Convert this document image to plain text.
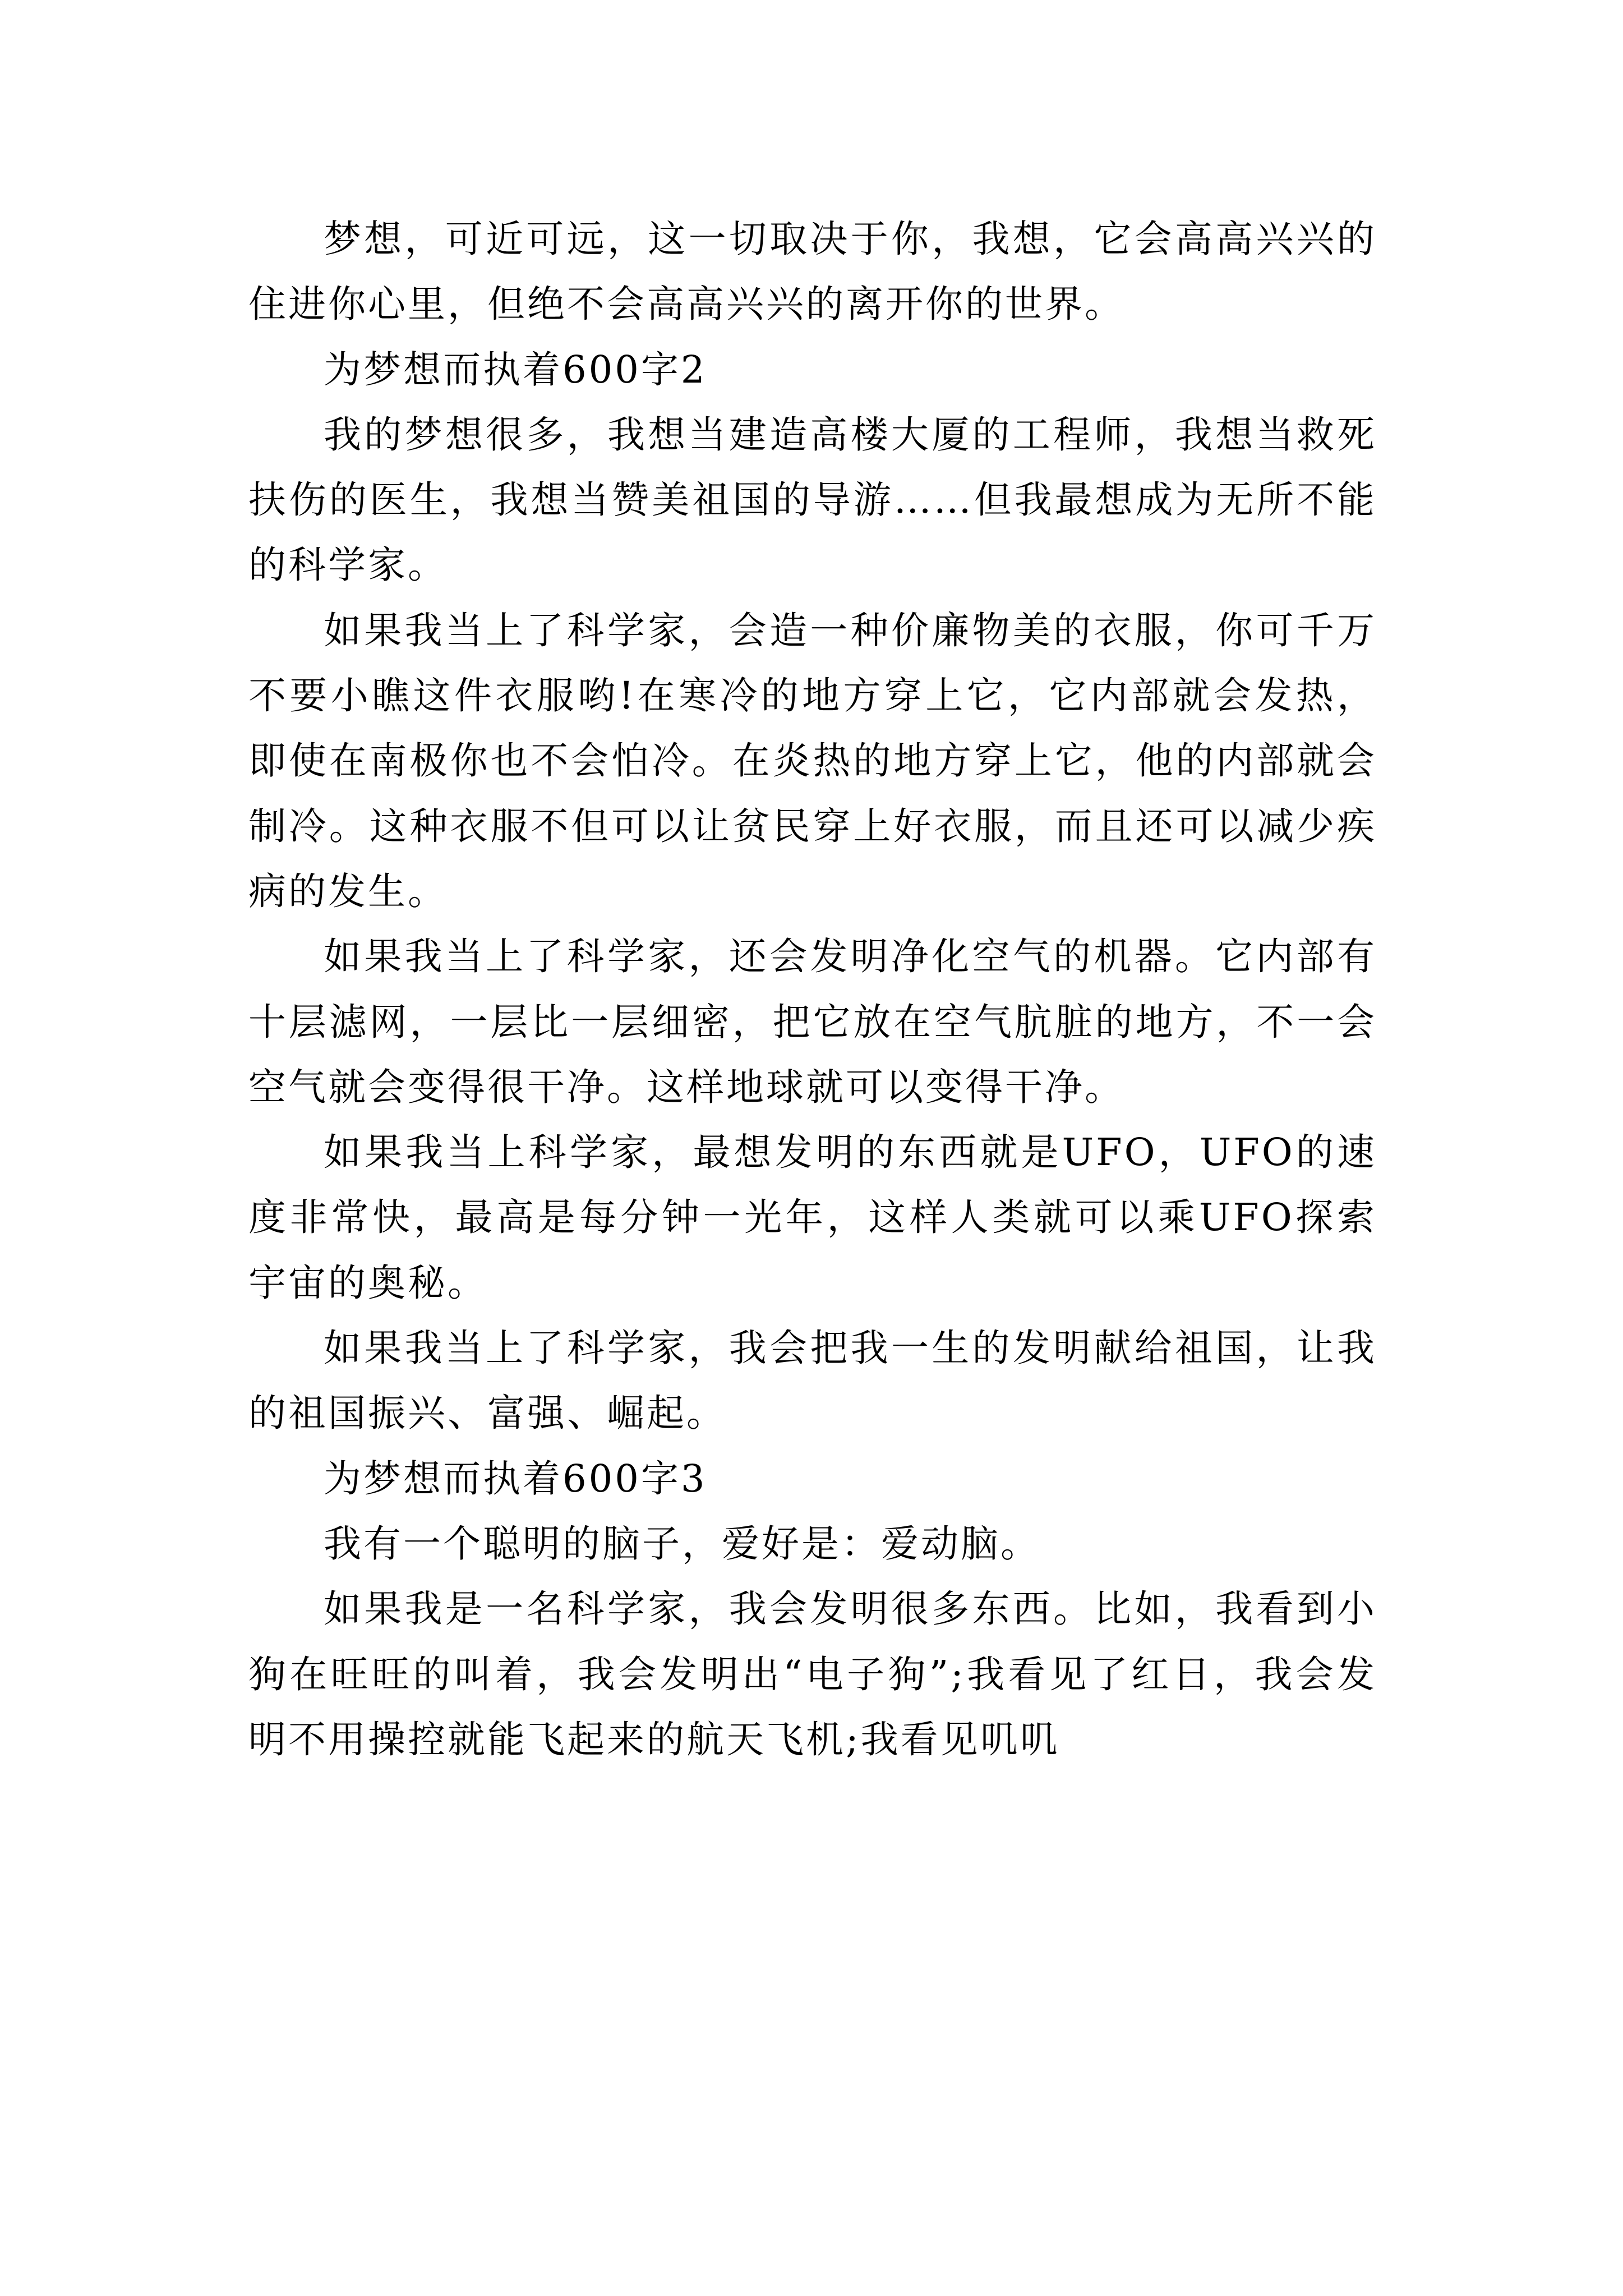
梦想，可近可远，这一切取决于你，我想，它会高高兴兴的住进你心里，但绝不会高高兴兴的离开你的世界。

为梦想而执着600字2

我的梦想很多，我想当建造高楼大厦的工程师，我想当救死扶伤的医生，我想当赞美祖国的导游……但我最想成为无所不能的科学家。

如果我当上了科学家，会造一种价廉物美的衣服，你可千万不要小瞧这件衣服哟!在寒冷的地方穿上它，它内部就会发热，即使在南极你也不会怕冷。在炎热的地方穿上它，他的内部就会制冷。这种衣服不但可以让贫民穿上好衣服，而且还可以减少疾病的发生。

如果我当上了科学家，还会发明净化空气的机器。它内部有十层滤网，一层比一层细密，把它放在空气肮脏的地方，不一会空气就会变得很干净。这样地球就可以变得干净。

如果我当上科学家，最想发明的东西就是UFO，UFO的速度非常快，最高是每分钟一光年，这样人类就可以乘UFO探索宇宙的奥秘。

如果我当上了科学家，我会把我一生的发明献给祖国，让我的祖国振兴、富强、崛起。

为梦想而执着600字3

我有一个聪明的脑子，爱好是：爱动脑。

如果我是一名科学家，我会发明很多东西。比如，我看到小狗在旺旺的叫着，我会发明出“电子狗”;我看见了红日，我会发明不用操控就能飞起来的航天飞机;我看见叽叽
